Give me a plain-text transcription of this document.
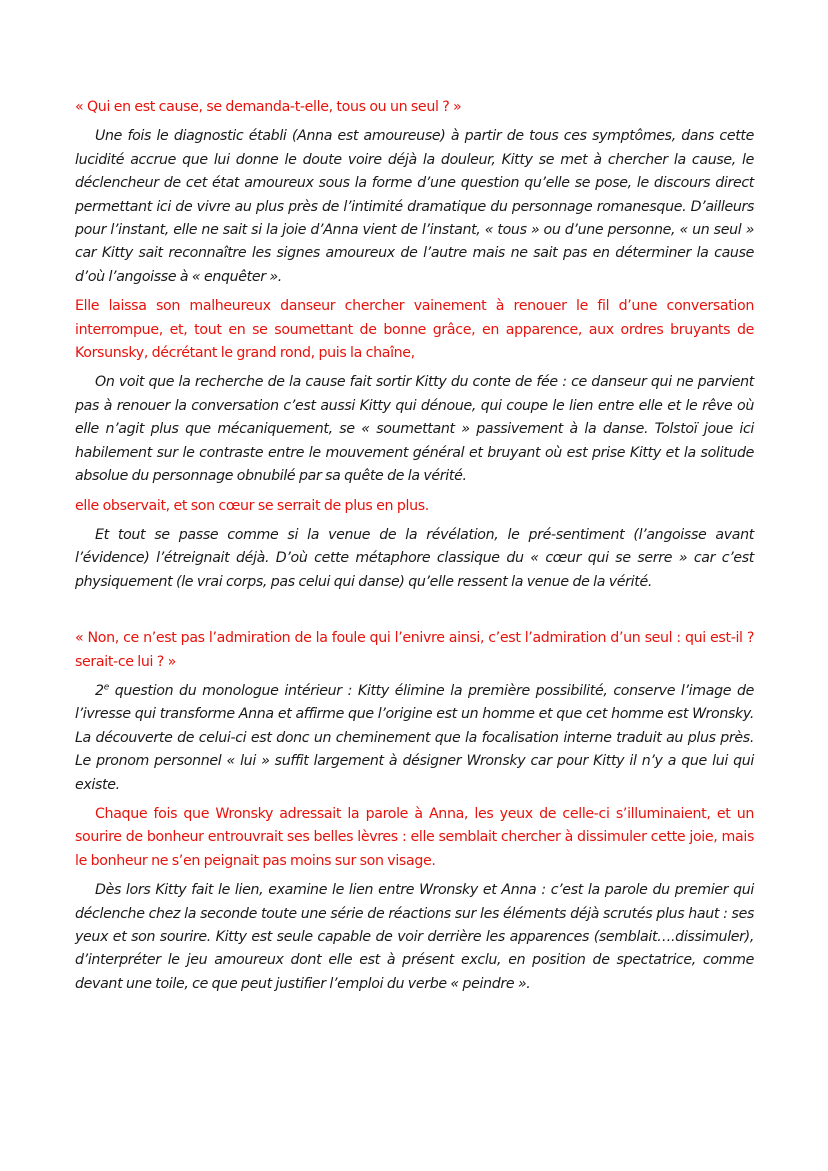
« Qui en est cause, se demanda-t-elle, tous ou un seul ? »

Une fois le diagnostic établi (Anna est amoureuse) à partir de tous ces symptômes, dans cette lucidité accrue que lui donne le doute voire déjà la douleur, Kitty se met à chercher la cause, le déclencheur de cet état amoureux sous la forme d’une question qu’elle se pose, le discours direct permettant ici de vivre au plus près de l’intimité dramatique du personnage romanesque. D’ailleurs pour l’instant, elle ne sait si la joie d’Anna vient de l’instant, « tous » ou d’une personne, « un seul » car Kitty sait reconnaître les signes amoureux de l’autre mais ne sait pas en déterminer la cause d’où l’angoisse à « enquêter ».

Elle laissa son malheureux danseur chercher vainement à renouer le fil d’une conversation interrompue, et, tout en se soumettant de bonne grâce, en apparence, aux ordres bruyants de Korsunsky, décrétant le grand rond, puis la chaîne,

On voit que la recherche de la cause fait sortir Kitty du conte de fée : ce danseur qui ne parvient pas à renouer la conversation c’est aussi Kitty qui dénoue, qui coupe le lien entre elle et le rêve où elle n’agit plus que mécaniquement, se « soumettant » passivement à la danse. Tolstoï joue ici habilement sur le contraste entre le mouvement général et bruyant où est prise Kitty et la solitude absolue du personnage obnubilé par sa quête de la vérité.

elle observait, et son cœur se serrait de plus en plus.

Et tout se passe comme si la venue de la révélation, le pré-sentiment (l’angoisse avant l’évidence) l’étreignait déjà. D’où cette métaphore classique du « cœur qui se serre » car c’est physiquement (le vrai corps, pas celui qui danse) qu’elle ressent la venue de la vérité.

« Non, ce n’est pas l’admiration de la foule qui l’enivre ainsi, c’est l’admiration d’un seul : qui est-il ? serait-ce lui ? »

2e question du monologue intérieur : Kitty élimine la première possibilité, conserve l’image de l’ivresse qui transforme Anna et affirme que l’origine est un homme et que cet homme est Wronsky. La découverte de celui-ci est donc un cheminement que la focalisation interne traduit au plus près. Le pronom personnel « lui » suffit largement à désigner Wronsky car pour Kitty il n’y a que lui qui existe.

Chaque fois que Wronsky adressait la parole à Anna, les yeux de celle-ci s’illuminaient, et un sourire de bonheur entrouvrait ses belles lèvres : elle semblait chercher à dissimuler cette joie, mais le bonheur ne s’en peignait pas moins sur son visage.

Dès lors Kitty fait le lien, examine le lien entre Wronsky et Anna : c’est la parole du premier qui déclenche chez la seconde toute une série de réactions sur les éléments déjà scrutés plus haut : ses yeux et son sourire. Kitty est seule capable de voir derrière les apparences (semblait….dissimuler), d’interpréter le jeu amoureux dont elle est à présent exclu, en position de spectatrice, comme devant une toile, ce que peut justifier l’emploi du verbe « peindre ».
